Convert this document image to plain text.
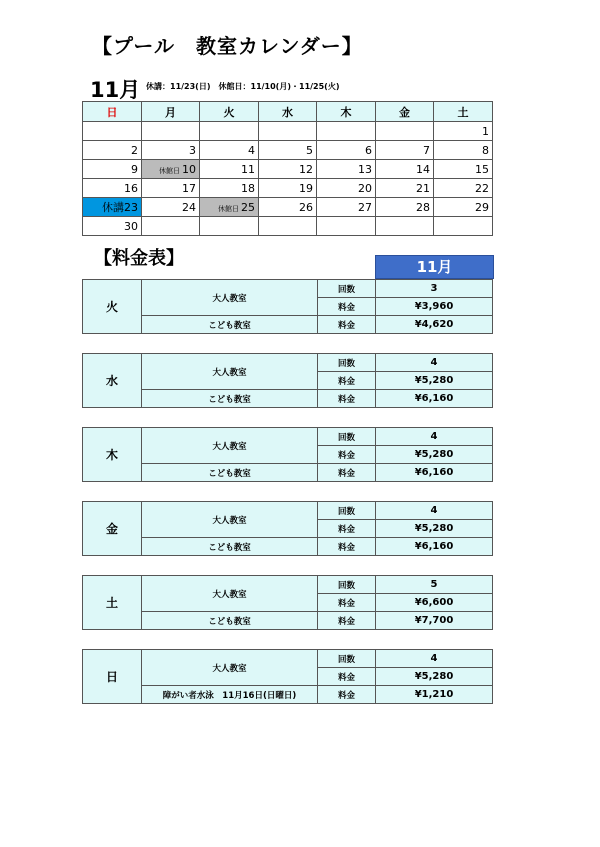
【プール　教室カレンダー】
11月 休講：11/23(日)　休館日：11/10(月)・11/25(火)
日	月	火	水	木	金	土
						1
2	3	4	5	6	7	8
9	休館日 10	11	12	13	14	15
16	17	18	19	20	21	22
休講23	24	休館日 25	26	27	28	29
30						
【料金表】	11月
火	大人教室	回数	3
		料金	¥3,960
	こども教室	料金	¥4,620
水	大人教室	回数	4
		料金	¥5,280
	こども教室	料金	¥6,160
木	大人教室	回数	4
		料金	¥5,280
	こども教室	料金	¥6,160
金	大人教室	回数	4
		料金	¥5,280
	こども教室	料金	¥6,160
土	大人教室	回数	5
		料金	¥6,600
	こども教室	料金	¥7,700
日	大人教室	回数	4
		料金	¥5,280
	障がい者水泳　11月16日(日曜日)	料金	¥1,210
